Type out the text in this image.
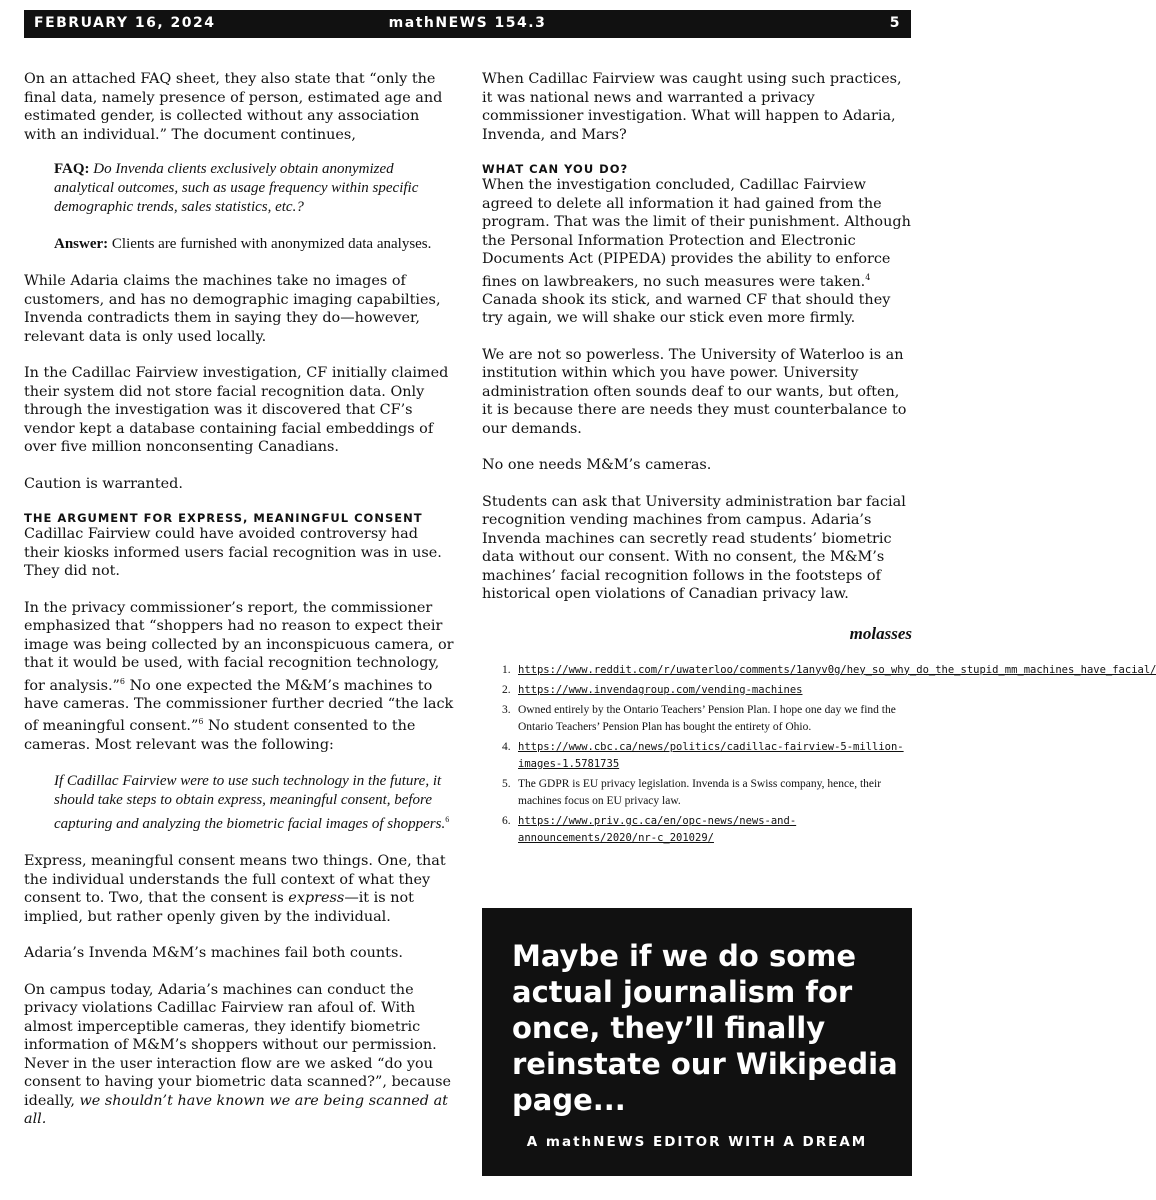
FEBRUARY 16, 2024	mathNEWS 154.3	5

On an attached FAQ sheet, they also state that “only the final data, namely presence of person, estimated age and estimated gender, is collected without any association with an individual.” The document continues,

FAQ: Do Invenda clients exclusively obtain anonymized analytical outcomes, such as usage frequency within specific demographic trends, sales statistics, etc.?
Answer: Clients are furnished with anonymized data analyses.

While Adaria claims the machines take no images of customers, and has no demographic imaging capabilties, Invenda contradicts them in saying they do—however, relevant data is only used locally.

In the Cadillac Fairview investigation, CF initially claimed their system did not store facial recognition data. Only through the investigation was it discovered that CF’s vendor kept a database containing facial embeddings of over five million nonconsenting Canadians.

Caution is warranted.

THE ARGUMENT FOR EXPRESS, MEANINGFUL CONSENT

Cadillac Fairview could have avoided controversy had their kiosks informed users facial recognition was in use. They did not.

In the privacy commissioner’s report, the commissioner emphasized that “shoppers had no reason to expect their image was being collected by an inconspicuous camera, or that it would be used, with facial recognition technology, for analysis.”$^6$ No one expected the M&M’s machines to have cameras. The commissioner further decried “the lack of meaningful consent.”$^6$ No student consented to the cameras. Most relevant was the following:

If Cadillac Fairview were to use such technology in the future, it should take steps to obtain express, meaningful consent, before capturing and analyzing the biometric facial images of shoppers.$^6$

Express, meaningful consent means two things. One, that the individual understands the full context of what they consent to. Two, that the consent is express—it is not implied, but rather openly given by the individual.

Adaria’s Invenda M&M’s machines fail both counts.

On campus today, Adaria’s machines can conduct the privacy violations Cadillac Fairview ran afoul of. With almost imperceptible cameras, they identify biometric information of M&M’s shoppers without our permission. Never in the user interaction flow are we asked “do you consent to having your biometric data scanned?”, because ideally, we shouldn’t have known we are being scanned at all.

When Cadillac Fairview was caught using such practices, it was national news and warranted a privacy commissioner investigation. What will happen to Adaria, Invenda, and Mars?

WHAT CAN YOU DO?

When the investigation concluded, Cadillac Fairview agreed to delete all information it had gained from the program. That was the limit of their punishment. Although the Personal Information Protection and Electronic Documents Act (PIPEDA) provides the ability to enforce fines on lawbreakers, no such measures were taken.$^4$ Canada shook its stick, and warned CF that should they try again, we will shake our stick even more firmly.

We are not so powerless. The University of Waterloo is an institution within which you have power. University administration often sounds deaf to our wants, but often, it is because there are needs they must counterbalance to our demands.

No one needs M&M’s cameras.

Students can ask that University administration bar facial recognition vending machines from campus. Adaria’s Invenda machines can secretly read students’ biometric data without our consent. With no consent, the M&M’s machines’ facial recognition follows in the footsteps of historical open violations of Canadian privacy law.

molasses
1. https://www.reddit.com/r/uwaterloo/comments/1anyv0g/hey_so_why_do_the_stupid_mm_machines_have_facial/
2. https://www.invendagroup.com/vending-machines
3. Owned entirely by the Ontario Teachers’ Pension Plan. I hope one day we find the Ontario Teachers’ Pension Plan has bought the entirety of Ohio.
4. https://www.cbc.ca/news/politics/cadillac-fairview-5-million-images-1.5781735
5. The GDPR is EU privacy legislation. Invenda is a Swiss company, hence, their machines focus on EU privacy law.
6. https://www.priv.gc.ca/en/opc-news/news-and-announcements/2020/nr-c_201029/
Maybe if we do some actual journalism for once, they’ll finally reinstate our Wikipedia page...
A mathNEWS EDITOR WITH A DREAM
